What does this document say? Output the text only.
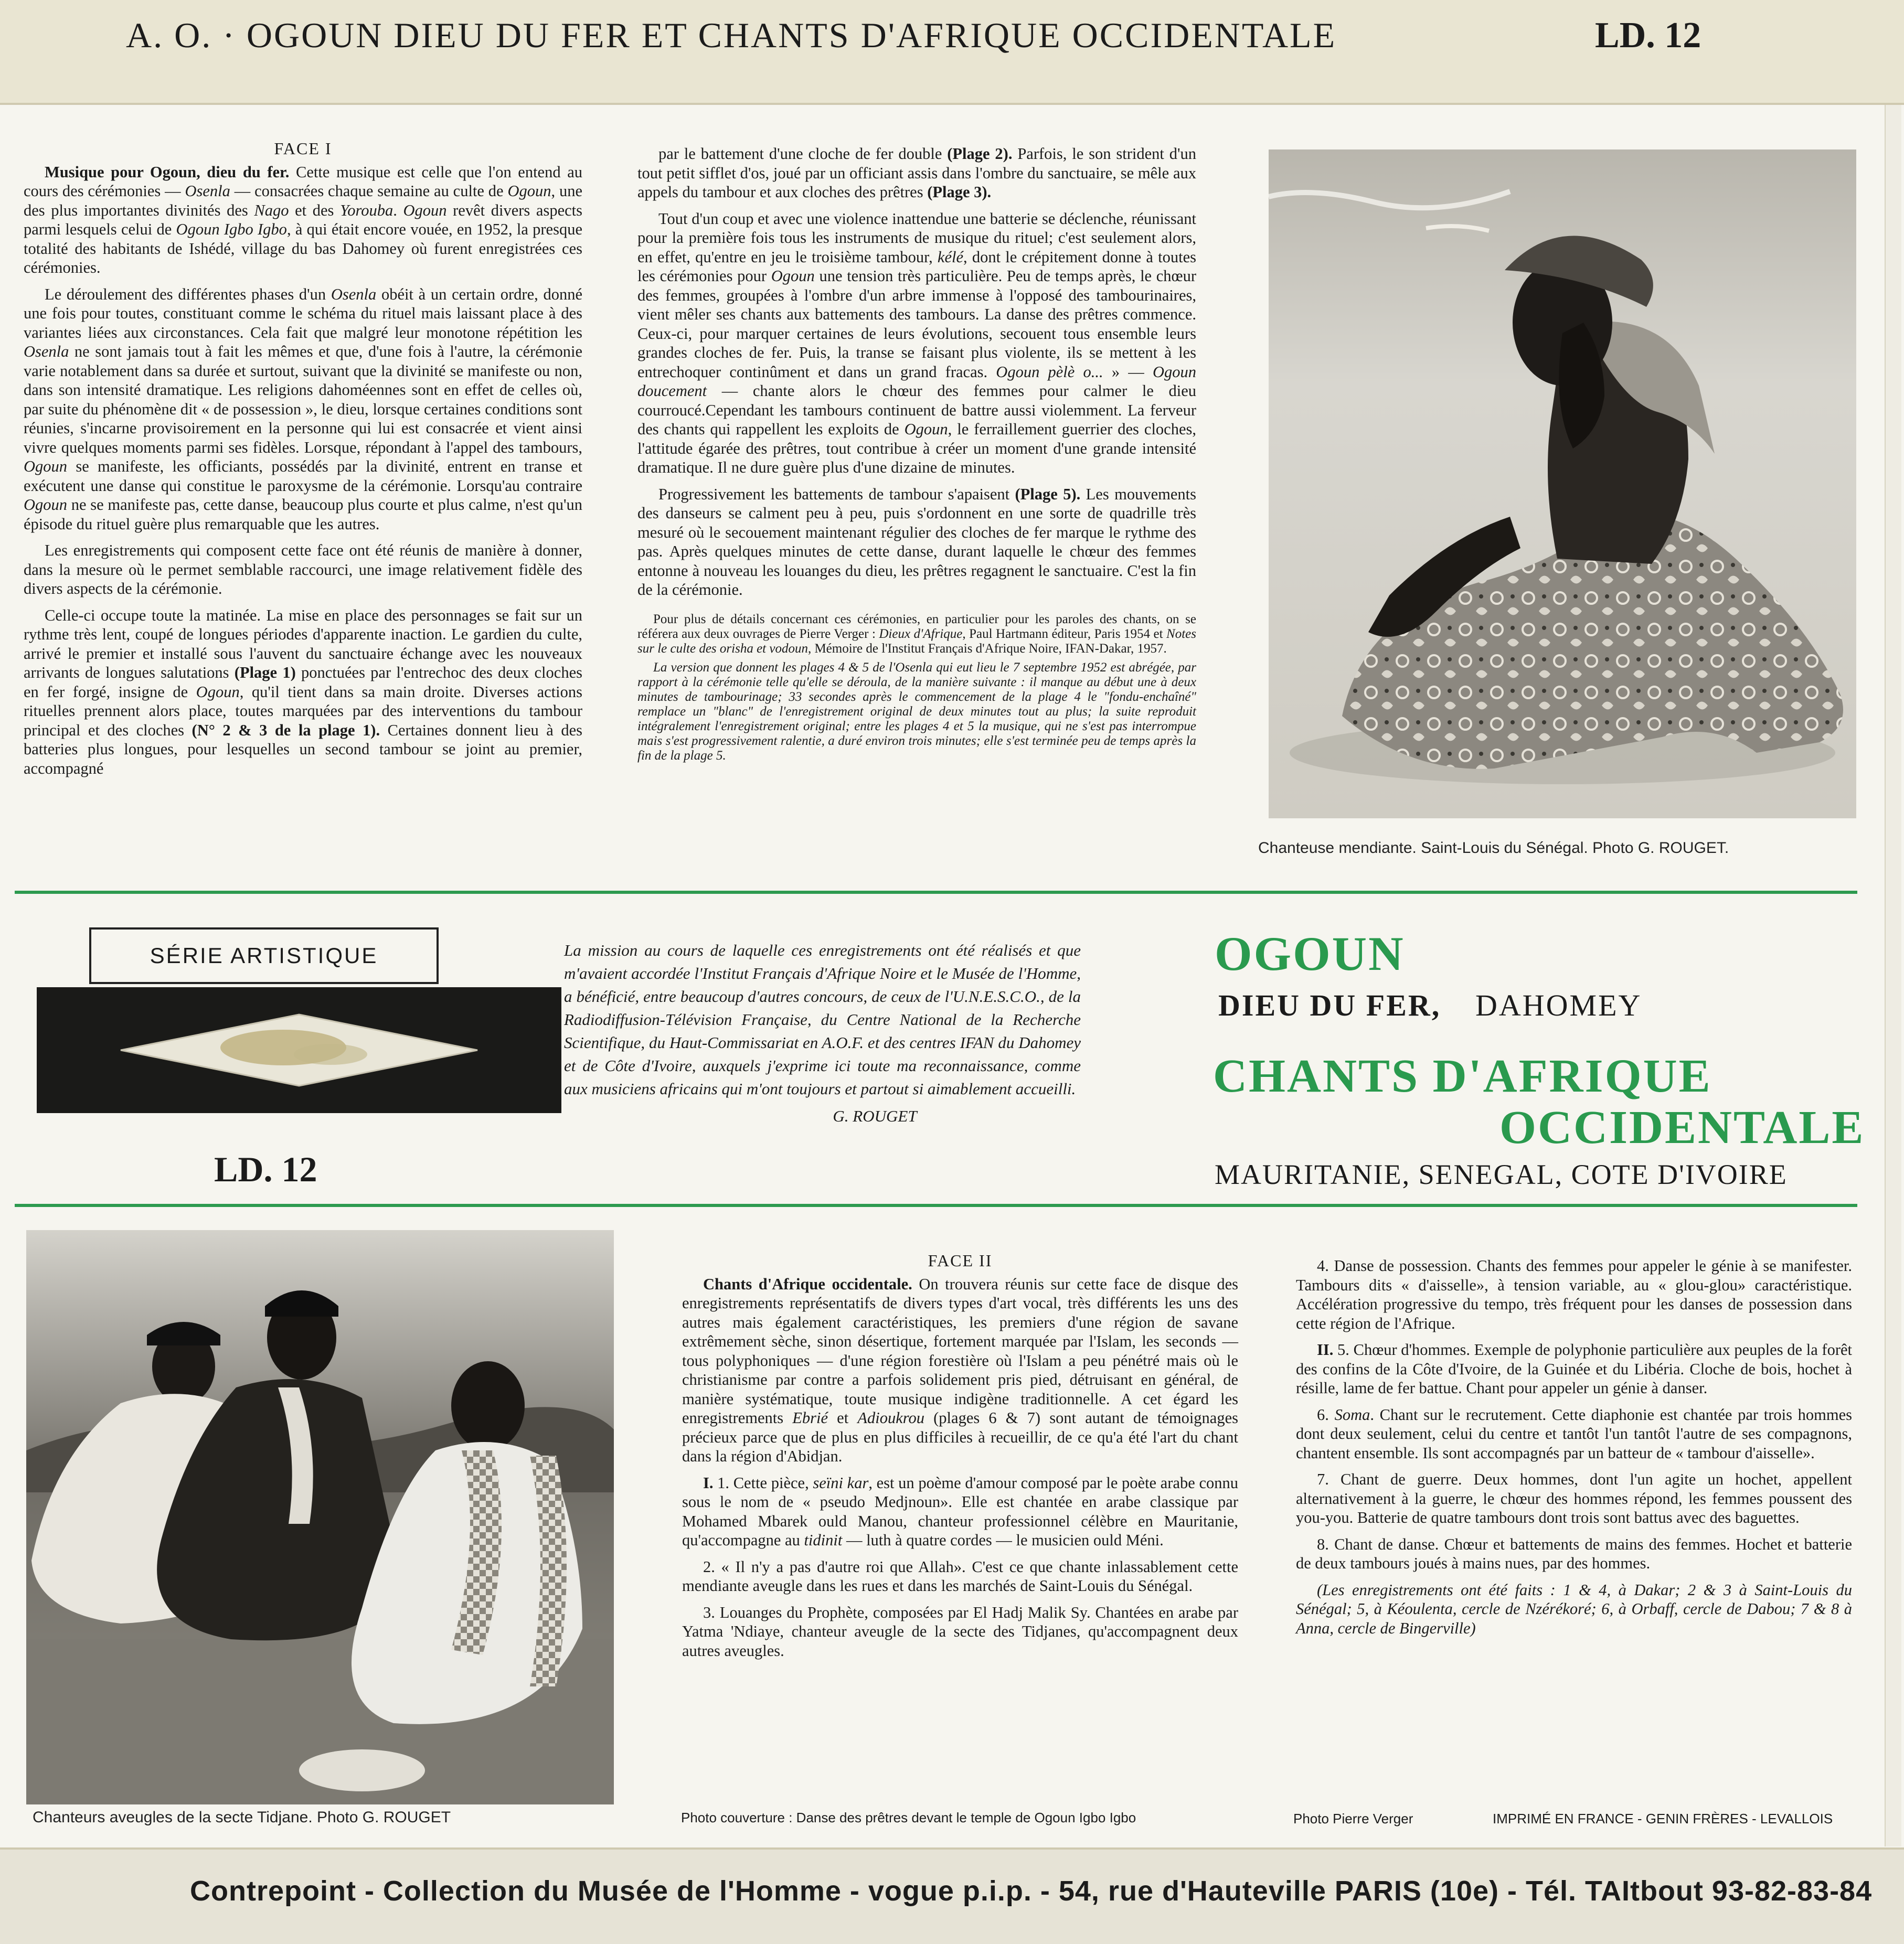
A. O. · OGOUN DIEU DU FER ET CHANTS D'AFRIQUE OCCIDENTALE	LD. 12

FACE I

Musique pour Ogoun, dieu du fer. Cette musique est celle que l'on entend au cours des cérémonies — Osenla — consacrées chaque semaine au culte de Ogoun, une des plus importantes divinités des Nago et des Yorouba. Ogoun revêt divers aspects parmi lesquels celui de Ogoun Igbo Igbo, à qui était encore vouée, en 1952, la presque totalité des habitants de Ishédé, village du bas Dahomey où furent enregistrées ces cérémonies.

Le déroulement des différentes phases d'un Osenla obéit à un certain ordre, donné une fois pour toutes, constituant comme le schéma du rituel mais laissant place à des variantes liées aux circonstances. Cela fait que malgré leur monotone répétition les Osenla ne sont jamais tout à fait les mêmes et que, d'une fois à l'autre, la cérémonie varie notablement dans sa durée et surtout, suivant que la divinité se manifeste ou non, dans son intensité dramatique. Les religions dahoméennes sont en effet de celles où, par suite du phénomène dit « de possession », le dieu, lorsque certaines conditions sont réunies, s'incarne provisoirement en la personne qui lui est consacrée et vient ainsi vivre quelques moments parmi ses fidèles. Lorsque, répondant à l'appel des tambours, Ogoun se manifeste, les officiants, possédés par la divinité, entrent en transe et exécutent une danse qui constitue le paroxysme de la cérémonie. Lorsqu'au contraire Ogoun ne se manifeste pas, cette danse, beaucoup plus courte et plus calme, n'est qu'un épisode du rituel guère plus remarquable que les autres.

Les enregistrements qui composent cette face ont été réunis de manière à donner, dans la mesure où le permet semblable raccourci, une image relativement fidèle des divers aspects de la cérémonie.

Celle-ci occupe toute la matinée. La mise en place des personnages se fait sur un rythme très lent, coupé de longues périodes d'apparente inaction. Le gardien du culte, arrivé le premier et installé sous l'auvent du sanctuaire échange avec les nouveaux arrivants de longues salutations (Plage 1) ponctuées par l'entrechoc des deux cloches en fer forgé, insigne de Ogoun, qu'il tient dans sa main droite. Diverses actions rituelles prennent alors place, toutes marquées par des interventions du tambour principal et des cloches (N° 2 & 3 de la plage 1). Certaines donnent lieu à des batteries plus longues, pour lesquelles un second tambour se joint au premier, accompagné

par le battement d'une cloche de fer double (Plage 2). Parfois, le son strident d'un tout petit sifflet d'os, joué par un officiant assis dans l'ombre du sanctuaire, se mêle aux appels du tambour et aux cloches des prêtres (Plage 3).

Tout d'un coup et avec une violence inattendue une batterie se déclenche, réunissant pour la première fois tous les instruments de musique du rituel; c'est seulement alors, en effet, qu'entre en jeu le troisième tambour, kélé, dont le crépitement donne à toutes les cérémonies pour Ogoun une tension très particulière. Peu de temps après, le chœur des femmes, groupées à l'ombre d'un arbre immense à l'opposé des tambourinaires, vient mêler ses chants aux battements des tambours. La danse des prêtres commence. Ceux-ci, pour marquer certaines de leurs évolutions, secouent tous ensemble leurs grandes cloches de fer. Puis, la transe se faisant plus violente, ils se mettent à les entrechoquer continûment et dans un grand fracas. Ogoun pèlè o... » — Ogoun doucement — chante alors le chœur des femmes pour calmer le dieu courroucé.Cependant les tambours continuent de battre aussi violemment. La ferveur des chants qui rappellent les exploits de Ogoun, le ferraillement guerrier des cloches, l'attitude égarée des prêtres, tout contribue à créer un moment d'une grande intensité dramatique. Il ne dure guère plus d'une dizaine de minutes.

Progressivement les battements de tambour s'apaisent (Plage 5). Les mouvements des danseurs se calment peu à peu, puis s'ordonnent en une sorte de quadrille très mesuré où le secouement maintenant régulier des cloches de fer marque le rythme des pas. Après quelques minutes de cette danse, durant laquelle le chœur des femmes entonne à nouveau les louanges du dieu, les prêtres regagnent le sanctuaire. C'est la fin de la cérémonie.

Pour plus de détails concernant ces cérémonies, en particulier pour les paroles des chants, on se référera aux deux ouvrages de Pierre Verger : Dieux d'Afrique, Paul Hartmann éditeur, Paris 1954 et Notes sur le culte des orisha et vodoun, Mémoire de l'Institut Français d'Afrique Noire, IFAN-Dakar, 1957.

La version que donnent les plages 4 & 5 de l'Osenla qui eut lieu le 7 septembre 1952 est abrégée, par rapport à la cérémonie telle qu'elle se déroula, de la manière suivante : il manque au début une à deux minutes de tambourinage; 33 secondes après le commencement de la plage 4 le "fondu-enchaîné" remplace un "blanc" de l'enregistrement original de deux minutes tout au plus; la suite reproduit intégralement l'enregistrement original; entre les plages 4 et 5 la musique, qui ne s'est pas interrompue mais s'est progressivement ralentie, a duré environ trois minutes; elle s'est terminée peu de temps après la fin de la plage 5.

Chanteuse mendiante. Saint-Louis du Sénégal. Photo G. ROUGET.
SÉRIE ARTISTIQUE
LD. 12
La mission au cours de laquelle ces enregistrements ont été réalisés et que m'avaient accordée l'Institut Français d'Afrique Noire et le Musée de l'Homme, a bénéficié, entre beaucoup d'autres concours, de ceux de l'U.N.E.S.C.O., de la Radiodiffusion-Télévision Française, du Centre National de la Recherche Scientifique, du Haut-Commissariat en A.O.F. et des centres IFAN du Dahomey et de Côte d'Ivoire, auxquels j'exprime ici toute ma reconnaissance, comme aux musiciens africains qui m'ont toujours et partout si aimablement accueilli.
G. ROUGET
OGOUN
DIEU DU FER, DAHOMEY
CHANTS D'AFRIQUE
OCCIDENTALE
MAURITANIE, SENEGAL, COTE D'IVOIRE
Chanteurs aveugles de la secte Tidjane. Photo G. ROUGET

FACE II

Chants d'Afrique occidentale. On trouvera réunis sur cette face de disque des enregistrements représentatifs de divers types d'art vocal, très différents les uns des autres mais également caractéristiques, les premiers d'une région de savane extrêmement sèche, sinon désertique, fortement marquée par l'Islam, les seconds — tous polyphoniques — d'une région forestière où l'Islam a peu pénétré mais où le christianisme par contre a parfois solidement pris pied, détruisant en général, de manière systématique, toute musique indigène traditionnelle. A cet égard les enregistrements Ebrié et Adioukrou (plages 6 & 7) sont autant de témoignages précieux parce que de plus en plus difficiles à recueillir, de ce qu'a été l'art du chant dans la région d'Abidjan.

I. 1. Cette pièce, seïni kar, est un poème d'amour composé par le poète arabe connu sous le nom de « pseudo Medjnoun». Elle est chantée en arabe classique par Mohamed Mbarek ould Manou, chanteur professionnel célèbre en Mauritanie, qu'accompagne au tidinit — luth à quatre cordes — le musicien ould Méni.

2. « Il n'y a pas d'autre roi que Allah». C'est ce que chante inlassablement cette mendiante aveugle dans les rues et dans les marchés de Saint-Louis du Sénégal.

3. Louanges du Prophète, composées par El Hadj Malik Sy. Chantées en arabe par Yatma 'Ndiaye, chanteur aveugle de la secte des Tidjanes, qu'accompagnent deux autres aveugles.

4. Danse de possession. Chants des femmes pour appeler le génie à se manifester. Tambours dits « d'aisselle», à tension variable, au « glou-glou» caractéristique. Accélération progressive du tempo, très fréquent pour les danses de possession dans cette région de l'Afrique.

II. 5. Chœur d'hommes. Exemple de polyphonie particulière aux peuples de la forêt des confins de la Côte d'Ivoire, de la Guinée et du Libéria. Cloche de bois, hochet à résille, lame de fer battue. Chant pour appeler un génie à danser.

6. Soma. Chant sur le recrutement. Cette diaphonie est chantée par trois hommes dont deux seulement, celui du centre et tantôt l'un tantôt l'autre de ses compagnons, chantent ensemble. Ils sont accompagnés par un batteur de « tambour d'aisselle».

7. Chant de guerre. Deux hommes, dont l'un agite un hochet, appellent alternativement à la guerre, le chœur des hommes répond, les femmes poussent des you-you. Batterie de quatre tambours dont trois sont battus avec des baguettes.

8. Chant de danse. Chœur et battements de mains des femmes. Hochet et batterie de deux tambours joués à mains nues, par des hommes.

(Les enregistrements ont été faits : 1 & 4, à Dakar; 2 & 3 à Saint-Louis du Sénégal; 5, à Kéoulenta, cercle de Nzérékoré; 6, à Orbaff, cercle de Dabou; 7 & 8 à Anna, cercle de Bingerville)

Photo couverture : Danse des prêtres devant le temple de Ogoun Igbo Igbo	Photo Pierre Verger	IMPRIMÉ EN FRANCE - GENIN FRÈRES - LEVALLOIS
Contrepoint - Collection du Musée de l'Homme - vogue p.i.p. - 54, rue d'Hauteville PARIS (10e) - Tél. TAItbout 93-82-83-84
